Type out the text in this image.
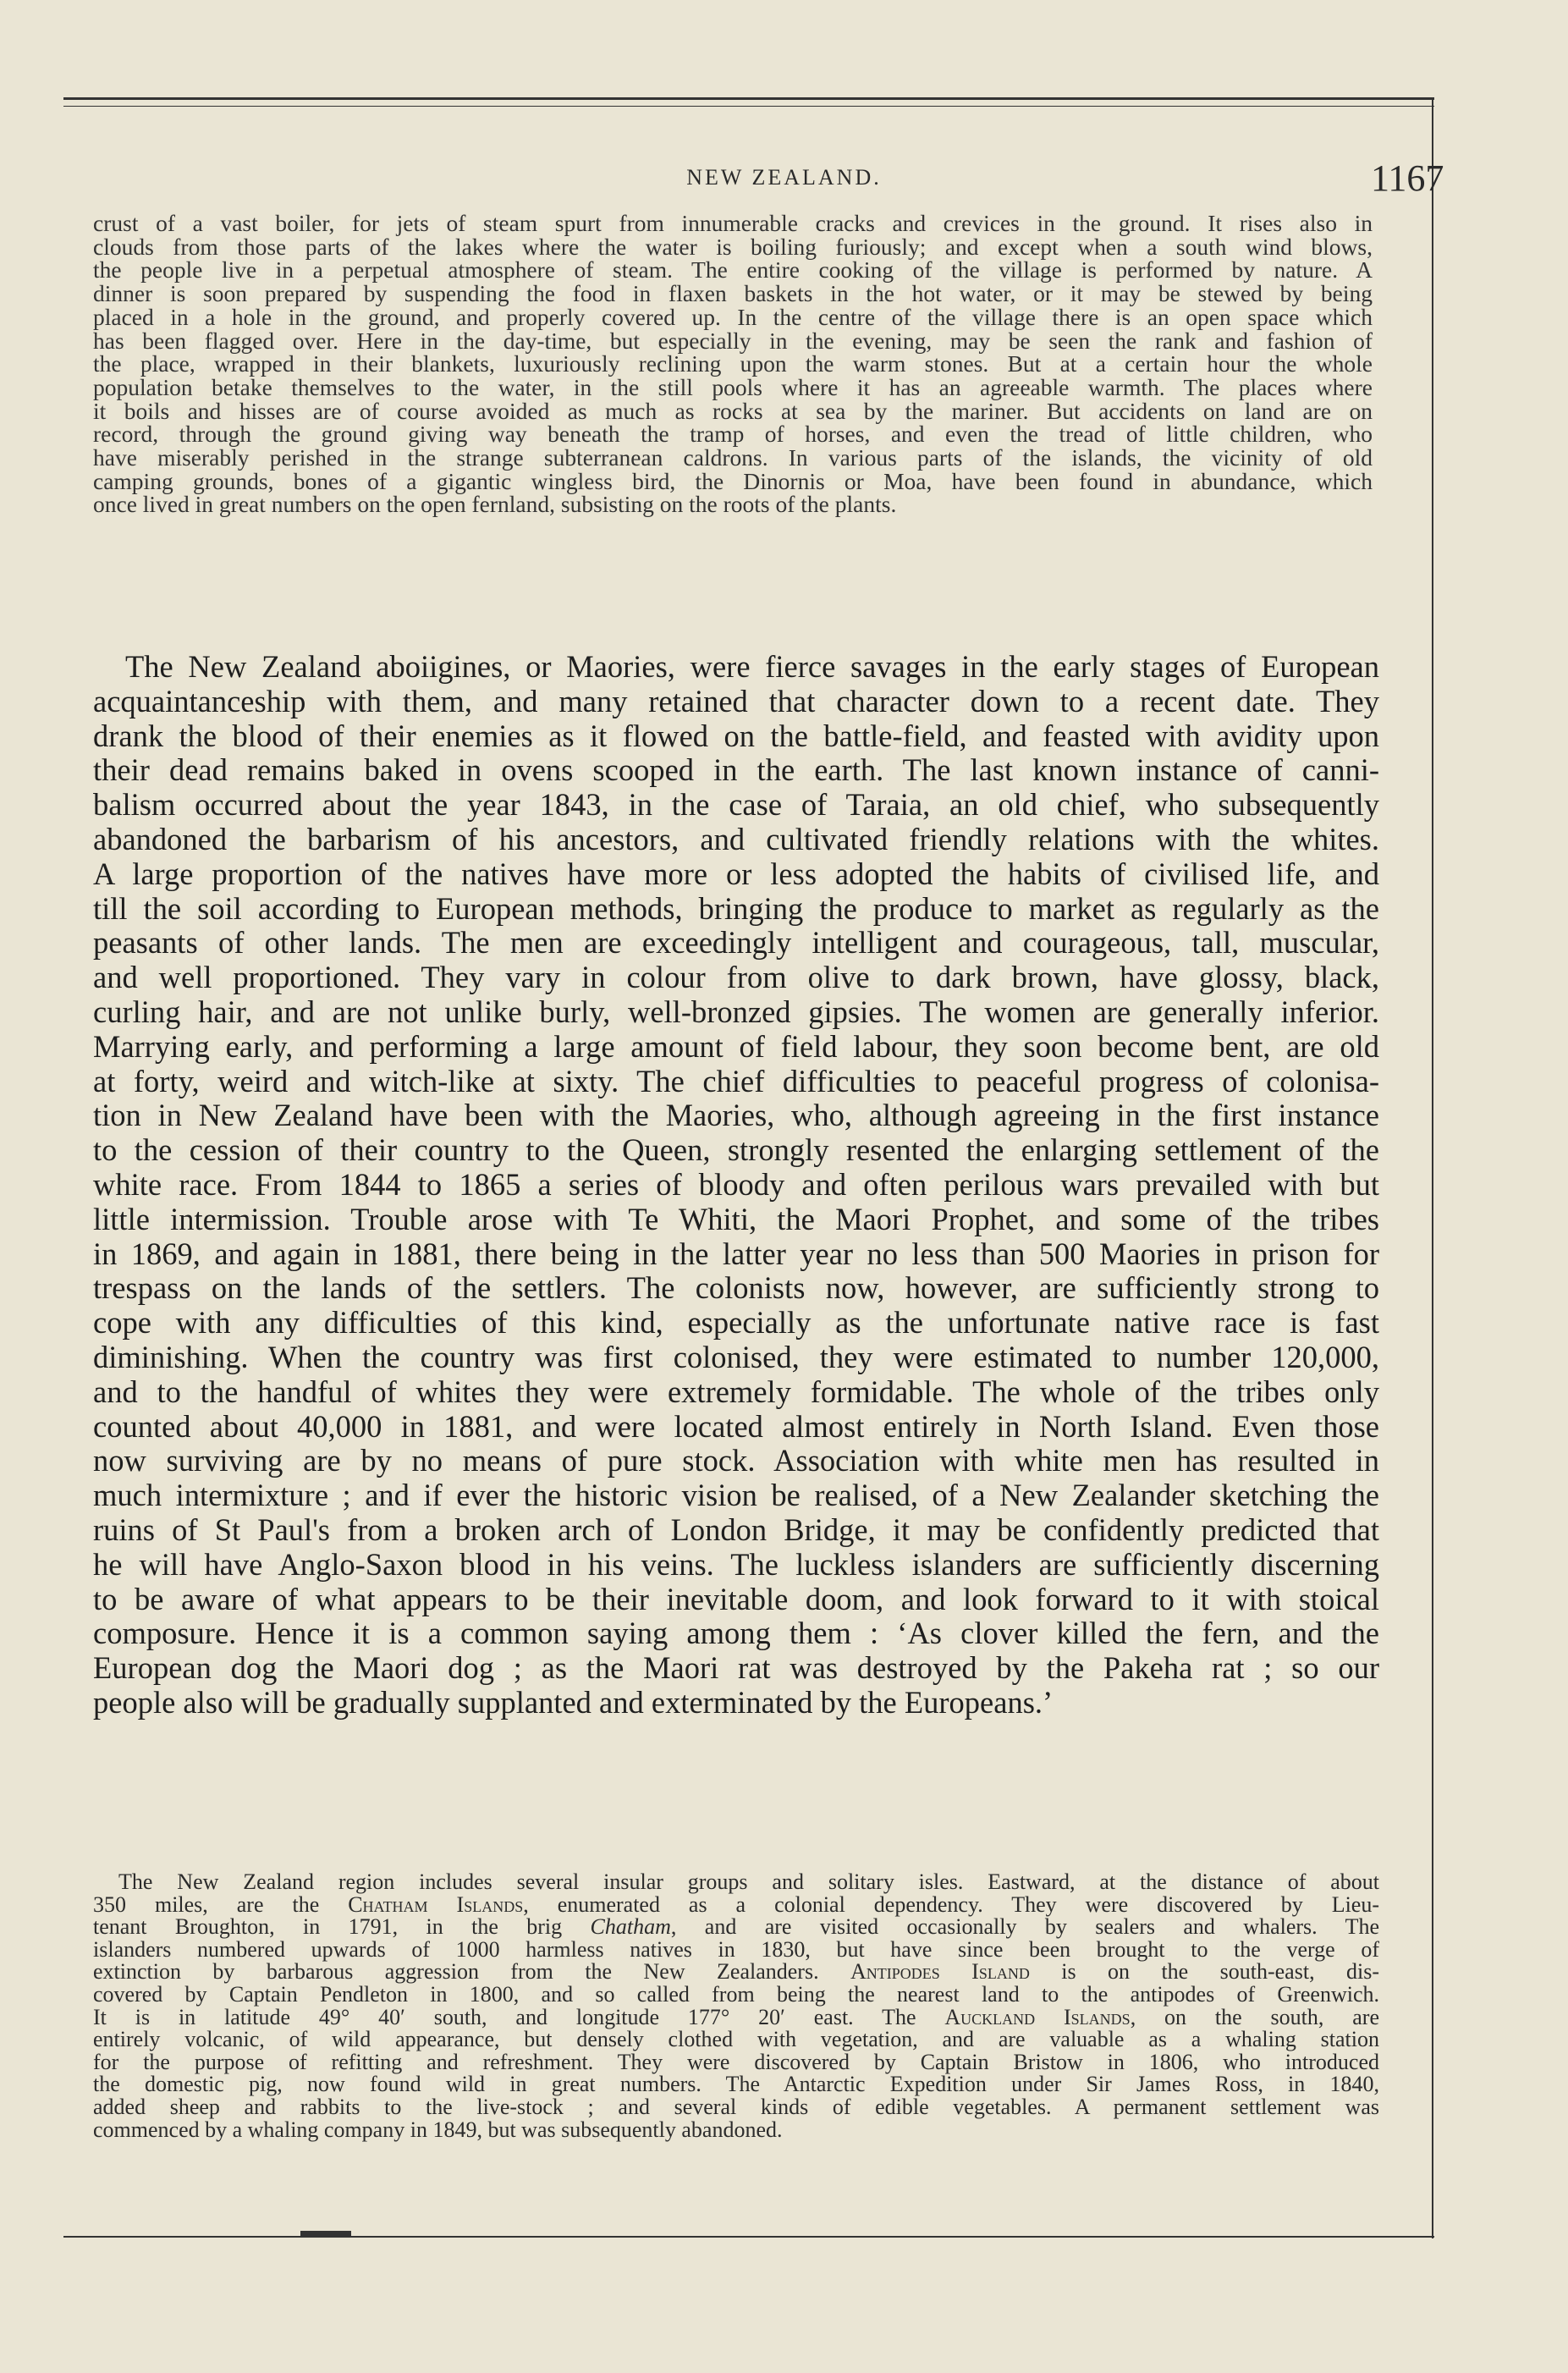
NEW ZEALAND.	1167
crust of a vast boiler, for jets of steam spurt from innumerable cracks and crevices in the ground. It rises also in
clouds from those parts of the lakes where the water is boiling furiously; and except when a south wind blows,
the people live in a perpetual atmosphere of steam. The entire cooking of the village is performed by nature. A
dinner is soon prepared by suspending the food in flaxen baskets in the hot water, or it may be stewed by being
placed in a hole in the ground, and properly covered up. In the centre of the village there is an open space which
has been flagged over. Here in the day-time, but especially in the evening, may be seen the rank and fashion of
the place, wrapped in their blankets, luxuriously reclining upon the warm stones. But at a certain hour the whole
population betake themselves to the water, in the still pools where it has an agreeable warmth. The places where
it boils and hisses are of course avoided as much as rocks at sea by the mariner. But accidents on land are on
record, through the ground giving way beneath the tramp of horses, and even the tread of little children, who
have miserably perished in the strange subterranean caldrons. In various parts of the islands, the vicinity of old
camping grounds, bones of a gigantic wingless bird, the Dinornis or Moa, have been found in abundance, which
once lived in great numbers on the open fernland, subsisting on the roots of the plants.
The New Zealand aboiigines, or Maories, were fierce savages in the early stages of European
acquaintanceship with them, and many retained that character down to a recent date. They
drank the blood of their enemies as it flowed on the battle-field, and feasted with avidity upon
their dead remains baked in ovens scooped in the earth. The last known instance of canni-
balism occurred about the year 1843, in the case of Taraia, an old chief, who subsequently
abandoned the barbarism of his ancestors, and cultivated friendly relations with the whites.
A large proportion of the natives have more or less adopted the habits of civilised life, and
till the soil according to European methods, bringing the produce to market as regularly as the
peasants of other lands. The men are exceedingly intelligent and courageous, tall, muscular,
and well proportioned. They vary in colour from olive to dark brown, have glossy, black,
curling hair, and are not unlike burly, well-bronzed gipsies. The women are generally inferior.
Marrying early, and performing a large amount of field labour, they soon become bent, are old
at forty, weird and witch-like at sixty. The chief difficulties to peaceful progress of colonisa-
tion in New Zealand have been with the Maories, who, although agreeing in the first instance
to the cession of their country to the Queen, strongly resented the enlarging settlement of the
white race. From 1844 to 1865 a series of bloody and often perilous wars prevailed with but
little intermission. Trouble arose with Te Whiti, the Maori Prophet, and some of the tribes
in 1869, and again in 1881, there being in the latter year no less than 500 Maories in prison for
trespass on the lands of the settlers. The colonists now, however, are sufficiently strong to
cope with any difficulties of this kind, especially as the unfortunate native race is fast
diminishing. When the country was first colonised, they were estimated to number 120,000,
and to the handful of whites they were extremely formidable. The whole of the tribes only
counted about 40,000 in 1881, and were located almost entirely in North Island. Even those
now surviving are by no means of pure stock. Association with white men has resulted in
much intermixture ; and if ever the historic vision be realised, of a New Zealander sketching the
ruins of St Paul's from a broken arch of London Bridge, it may be confidently predicted that
he will have Anglo-Saxon blood in his veins. The luckless islanders are sufficiently discerning
to be aware of what appears to be their inevitable doom, and look forward to it with stoical
composure. Hence it is a common saying among them : ‘As clover killed the fern, and the
European dog the Maori dog ; as the Maori rat was destroyed by the Pakeha rat ; so our
people also will be gradually supplanted and exterminated by the Europeans.’
The New Zealand region includes several insular groups and solitary isles. Eastward, at the distance of about
350 miles, are the Chatham Islands, enumerated as a colonial dependency. They were discovered by Lieu-
tenant Broughton, in 1791, in the brig Chatham, and are visited occasionally by sealers and whalers. The
islanders numbered upwards of 1000 harmless natives in 1830, but have since been brought to the verge of
extinction by barbarous aggression from the New Zealanders. Antipodes Island is on the south-east, dis-
covered by Captain Pendleton in 1800, and so called from being the nearest land to the antipodes of Greenwich.
It is in latitude 49° 40′ south, and longitude 177° 20′ east. The Auckland Islands, on the south, are
entirely volcanic, of wild appearance, but densely clothed with vegetation, and are valuable as a whaling station
for the purpose of refitting and refreshment. They were discovered by Captain Bristow in 1806, who introduced
the domestic pig, now found wild in great numbers. The Antarctic Expedition under Sir James Ross, in 1840,
added sheep and rabbits to the live-stock ; and several kinds of edible vegetables. A permanent settlement was
commenced by a whaling company in 1849, but was subsequently abandoned.
